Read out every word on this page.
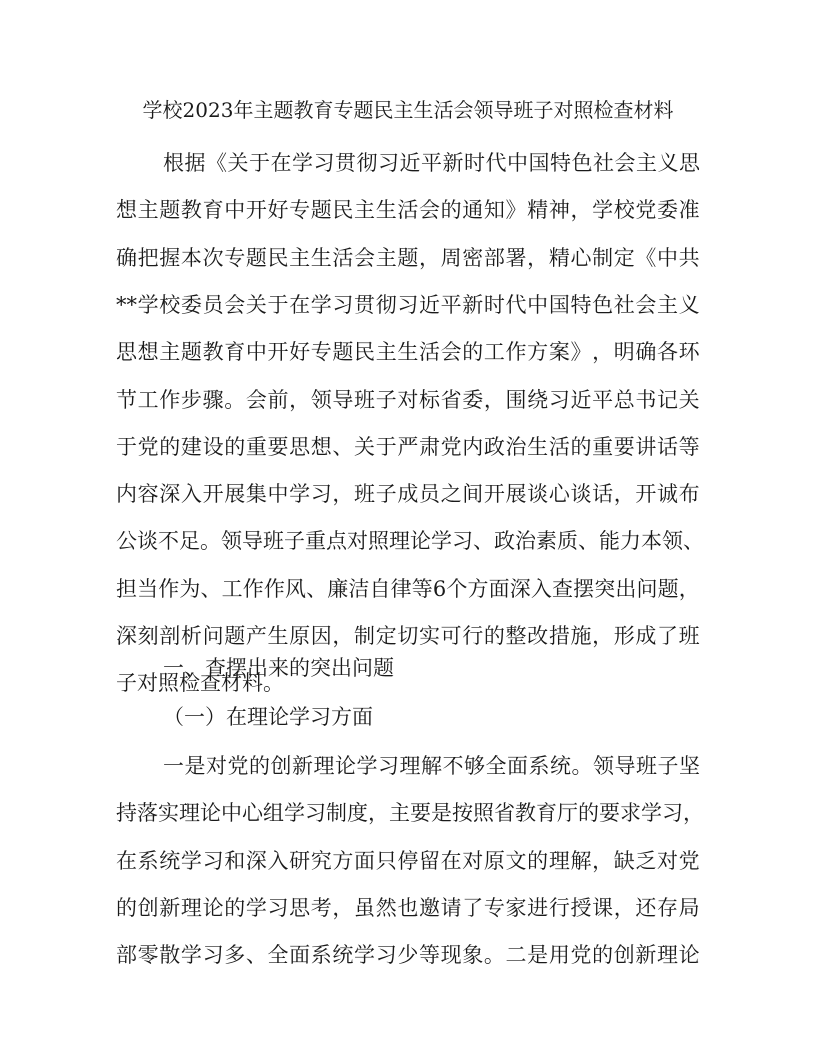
学校2023年主题教育专题民主生活会领导班子对照检查材料
根 据 《 关 于 在 学 习 贯 彻 习 近 平 新 时 代 中 国 特 色 社 会 主 义 思
想 主 题 教 育 中 开 好 专 题 民 主 生 活 会 的 通 知 》 精 神 ， 学 校 党 委 准
确 把 握 本 次 专 题 民 主 生 活 会 主 题 ， 周 密 部 署 ， 精 心 制 定 《 中 共
** 学 校 委 员 会 关 于 在 学 习 贯 彻 习 近 平 新 时 代 中 国 特 色 社 会 主 义
思 想 主 题 教 育 中 开 好 专 题 民 主 生 活 会 的 工 作 方 案 》 ， 明 确 各 环
节 工 作 步 骤 。 会 前 ， 领 导 班 子 对 标 省 委 ， 围 绕 习 近 平 总 书 记 关
于 党 的 建 设 的 重 要 思 想 、 关 于 严 肃 党 内 政 治 生 活 的 重 要 讲 话 等
内 容 深 入 开 展 集 中 学 习 ， 班 子 成 员 之 间 开 展 谈 心 谈 话 ， 开 诚 布
公 谈 不 足 。 领 导 班 子 重 点 对 照 理 论 学 习 、 政 治 素 质 、 能 力 本 领 、
担 当 作 为 、 工 作 作 风 、 廉 洁 自 律 等 6 个 方 面 深 入 查 摆 突 出 问 题 ，
深 刻 剖 析 问 题 产 生 原 因 ， 制 定 切 实 可 行 的 整 改 措 施 ， 形 成 了 班
子对照检查材料。
一、查摆出来的突出问题
（一）在理论学习方面
一 是 对 党 的 创 新 理 论 学 习 理 解 不 够 全 面 系 统 。 领 导 班 子 坚
持 落 实 理 论 中 心 组 学 习 制 度 ， 主 要 是 按 照 省 教 育 厅 的 要 求 学 习 ，
在 系 统 学 习 和 深 入 研 究 方 面 只 停 留 在 对 原 文 的 理 解 ， 缺 乏 对 党
的 创 新 理 论 的 学 习 思 考 ， 虽 然 也 邀 请 了 专 家 进 行 授 课 ， 还 存 局
部 零 散 学 习 多 、 全 面 系 统 学 习 少 等 现 象 。 二 是 用 党 的 创 新 理 论
